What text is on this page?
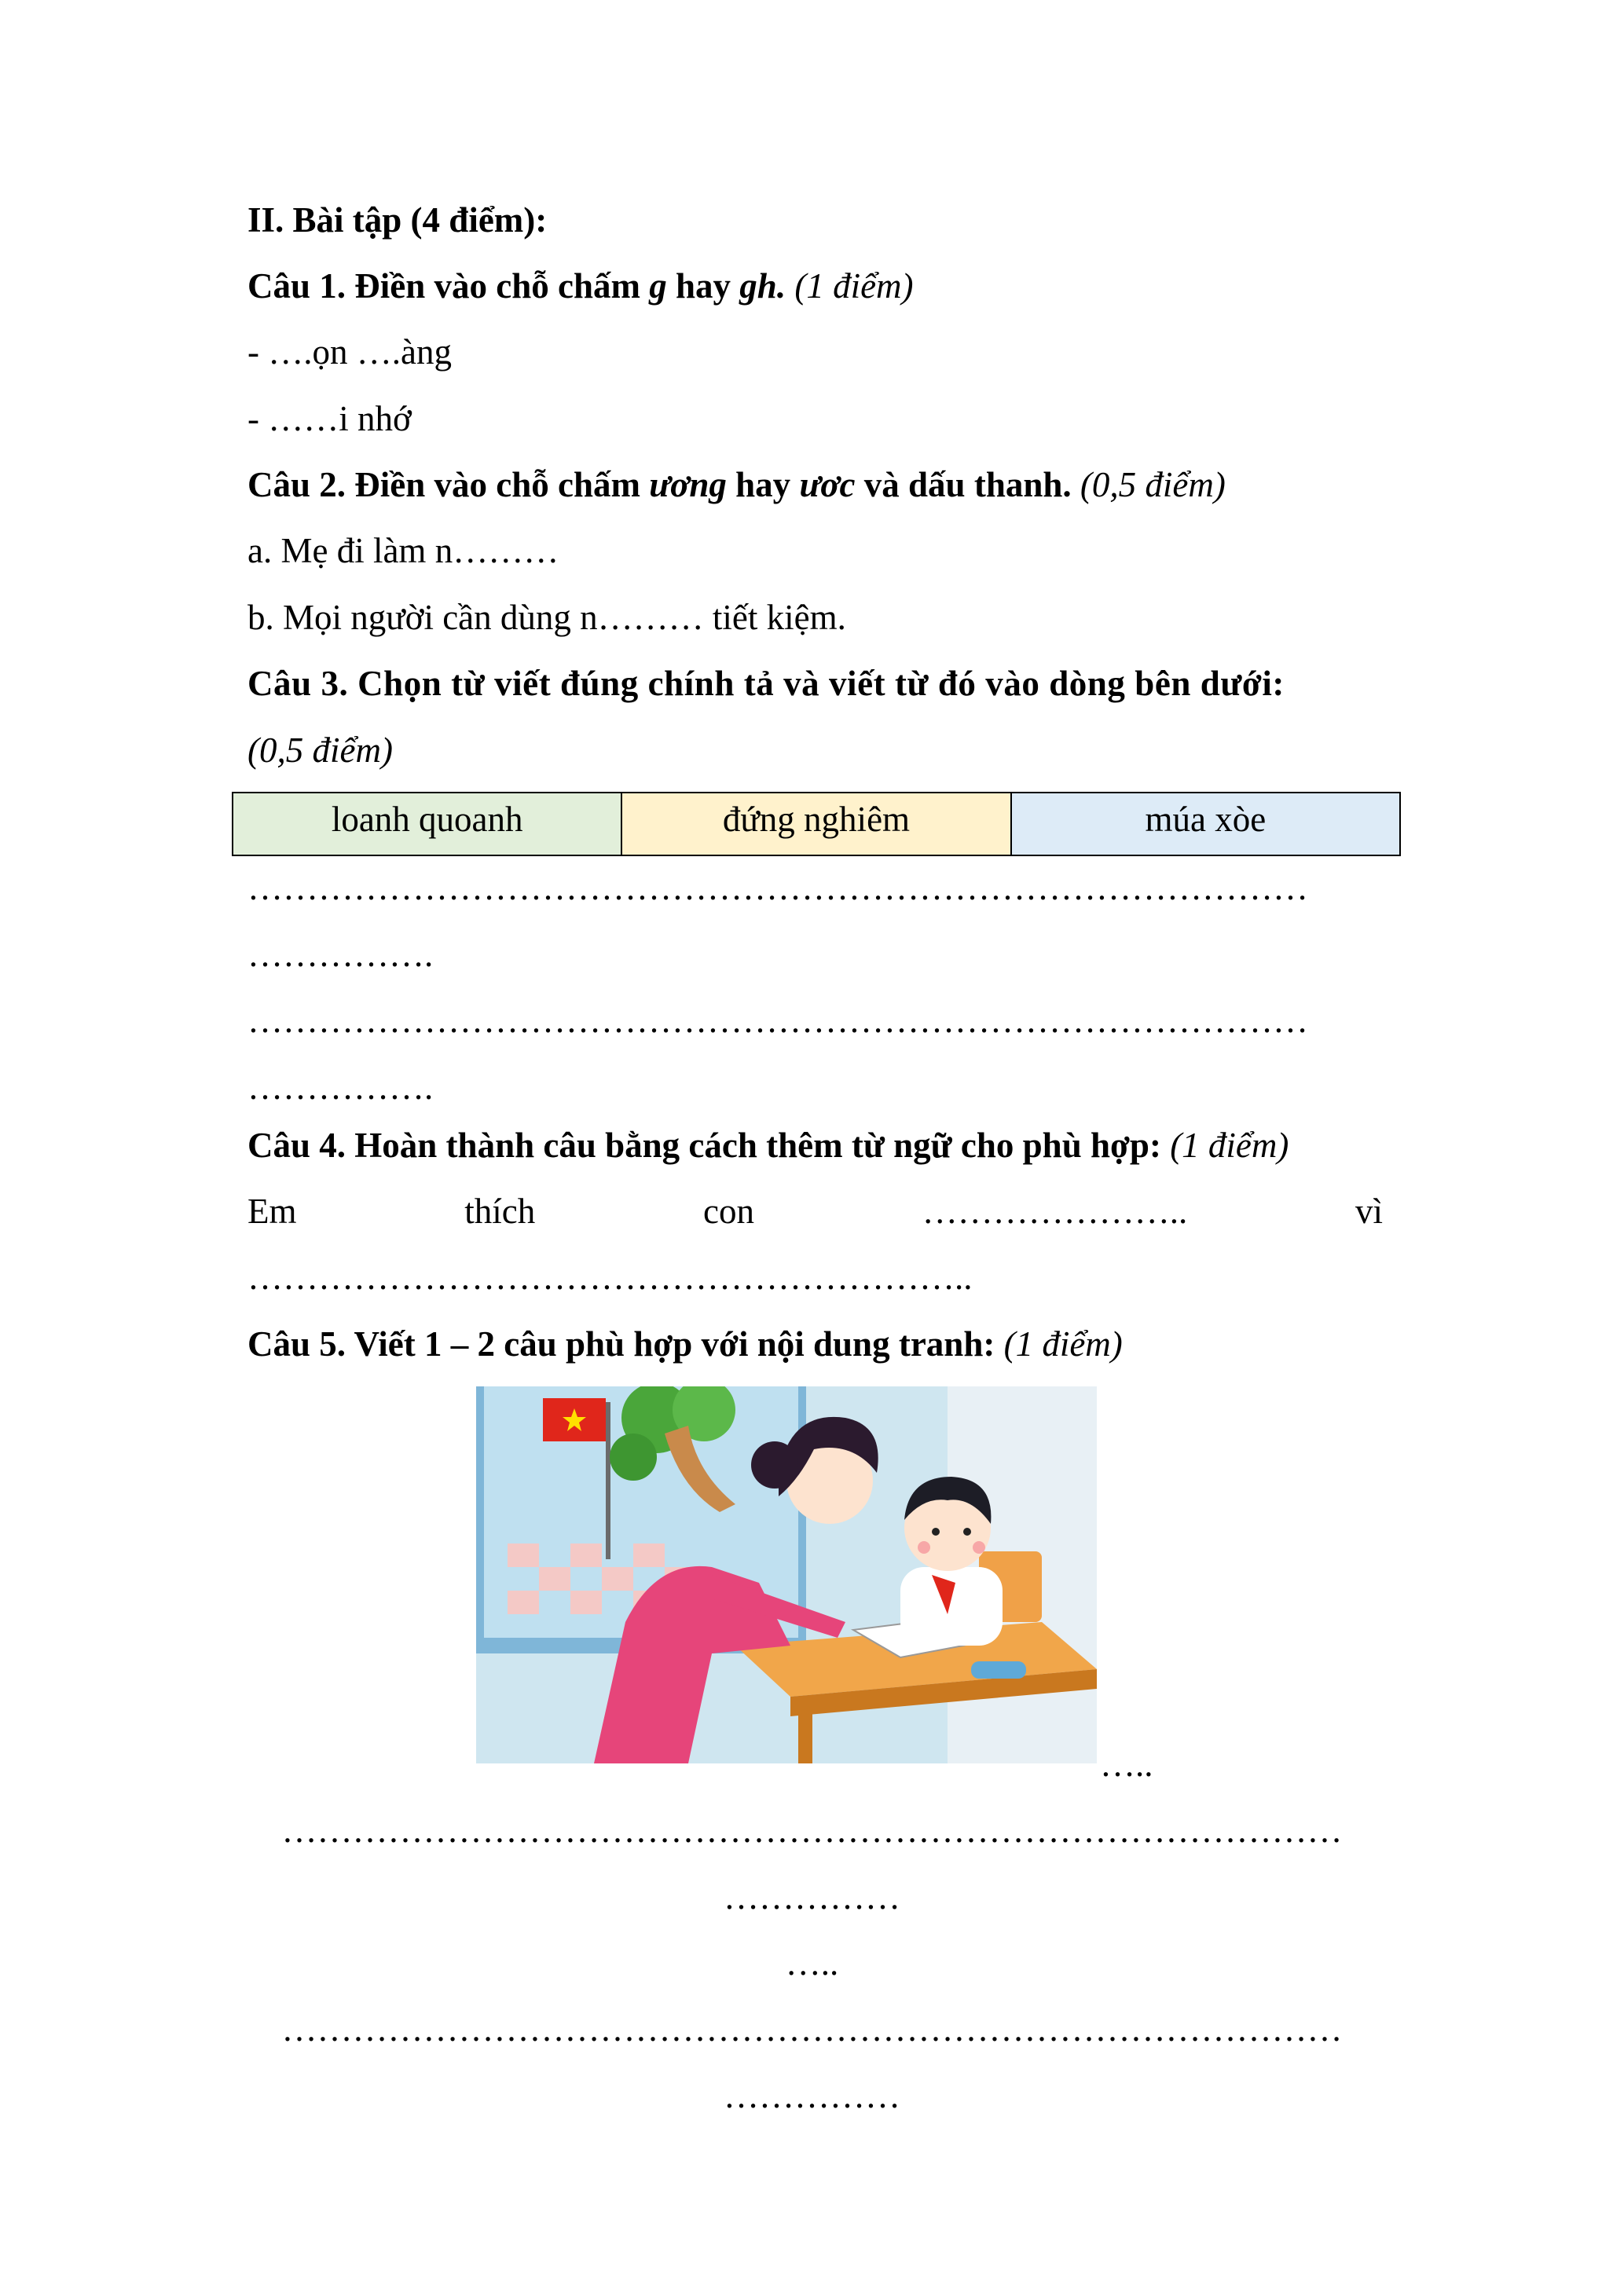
II. Bài tập (4 điểm):
Câu 1. Điền vào chỗ chấm g hay gh. (1 điểm)
- ….ọn ….àng
- ……i nhớ
Câu 2. Điền vào chỗ chấm ương hay ươc và dấu thanh. (0,5 điểm)
a. Mẹ đi làm n………
b. Mọi người cần dùng n……… tiết kiệm.
Câu 3. Chọn từ viết đúng chính tả và viết từ đó vào dòng bên dưới:
(0,5 điểm)
loanh quoanh	đứng nghiêm	múa xòe
………………………………………………………………………………
…………….
………………………………………………………………………………
…………….
Câu 4. Hoàn thành câu bằng cách thêm từ ngữ cho phù hợp: (1 điểm)
Em	thích	con	…………………..	vì
……………………………………………………..
Câu 5. Viết 1 – 2 câu phù hợp với nội dung tranh: (1 điểm)
…..
………………………………………………………………………………
……………
…..
………………………………………………………………………………
……………
